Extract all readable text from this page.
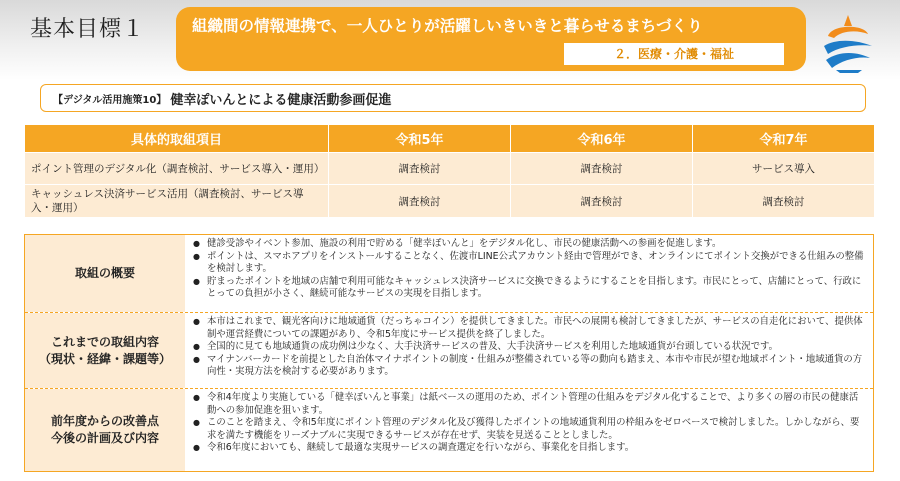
基本目標１	組織間の情報連携で、一人ひとりが活躍しいきいきと暮らせるまちづくり
２．医療・介護・福祉
【デジタル活用施策10】 健幸ぽいんとによる健康活動参画促進
具体的取組項目	令和5年	令和6年	令和7年
ポイント管理のデジタル化（調査検討、サービス導入・運用）	調査検討	調査検討	サービス導入
キャッシュレス決済サービス活用（調査検討、サービス導入・運用）	調査検討	調査検討	調査検討
取組の概要
● 健診受診やイベント参加、施設の利用で貯める「健幸ぽいんと」をデジタル化し、市民の健康活動への参画を促進します。
● ポイントは、スマホアプリをインストールすることなく、佐渡市LINE公式アカウント経由で管理ができ、オンラインにてポイント交換ができる仕組みの整備を検討します。
● 貯まったポイントを地域の店舗で利用可能なキャッシュレス決済サービスに交換できるようにすることを目指します。市民にとって、店舗にとって、行政にとっての負担が小さく、継続可能なサービスの実現を目指します。
これまでの取組内容
（現状・経緯・課題等）
● 本市はこれまで、観光客向けに地域通貨（だっちゃコイン）を提供してきました。市民への展開も検討してきましたが、サービスの自走化において、提供体制や運営経費についての課題があり、令和5年度にサービス提供を終了しました。
● 全国的に見ても地域通貨の成功例は少なく、大手決済サービスの普及、大手決済サービスを利用した地域通貨が台頭している状況です。
● マイナンバーカードを前提とした自治体マイナポイントの制度・仕組みが整備されている等の動向も踏まえ、本市や市民が望む地域ポイント・地域通貨の方向性・実現方法を検討する必要があります。
前年度からの改善点
今後の計画及び内容
● 令和4年度より実施している「健幸ぽいんと事業」は紙ベースの運用のため、ポイント管理の仕組みをデジタル化することで、より多くの層の市民の健康活動への参加促進を狙います。
● このことを踏まえ、令和5年度にポイント管理のデジタル化及び獲得したポイントの地域通貨利用の枠組みをゼロベースで検討しました。しかしながら、要求を満たす機能をリーズナブルに実現できるサービスが存在せず、実装を見送ることとしました。
● 令和6年度においても、継続して最適な実現サービスの調査選定を行いながら、事業化を目指します。
